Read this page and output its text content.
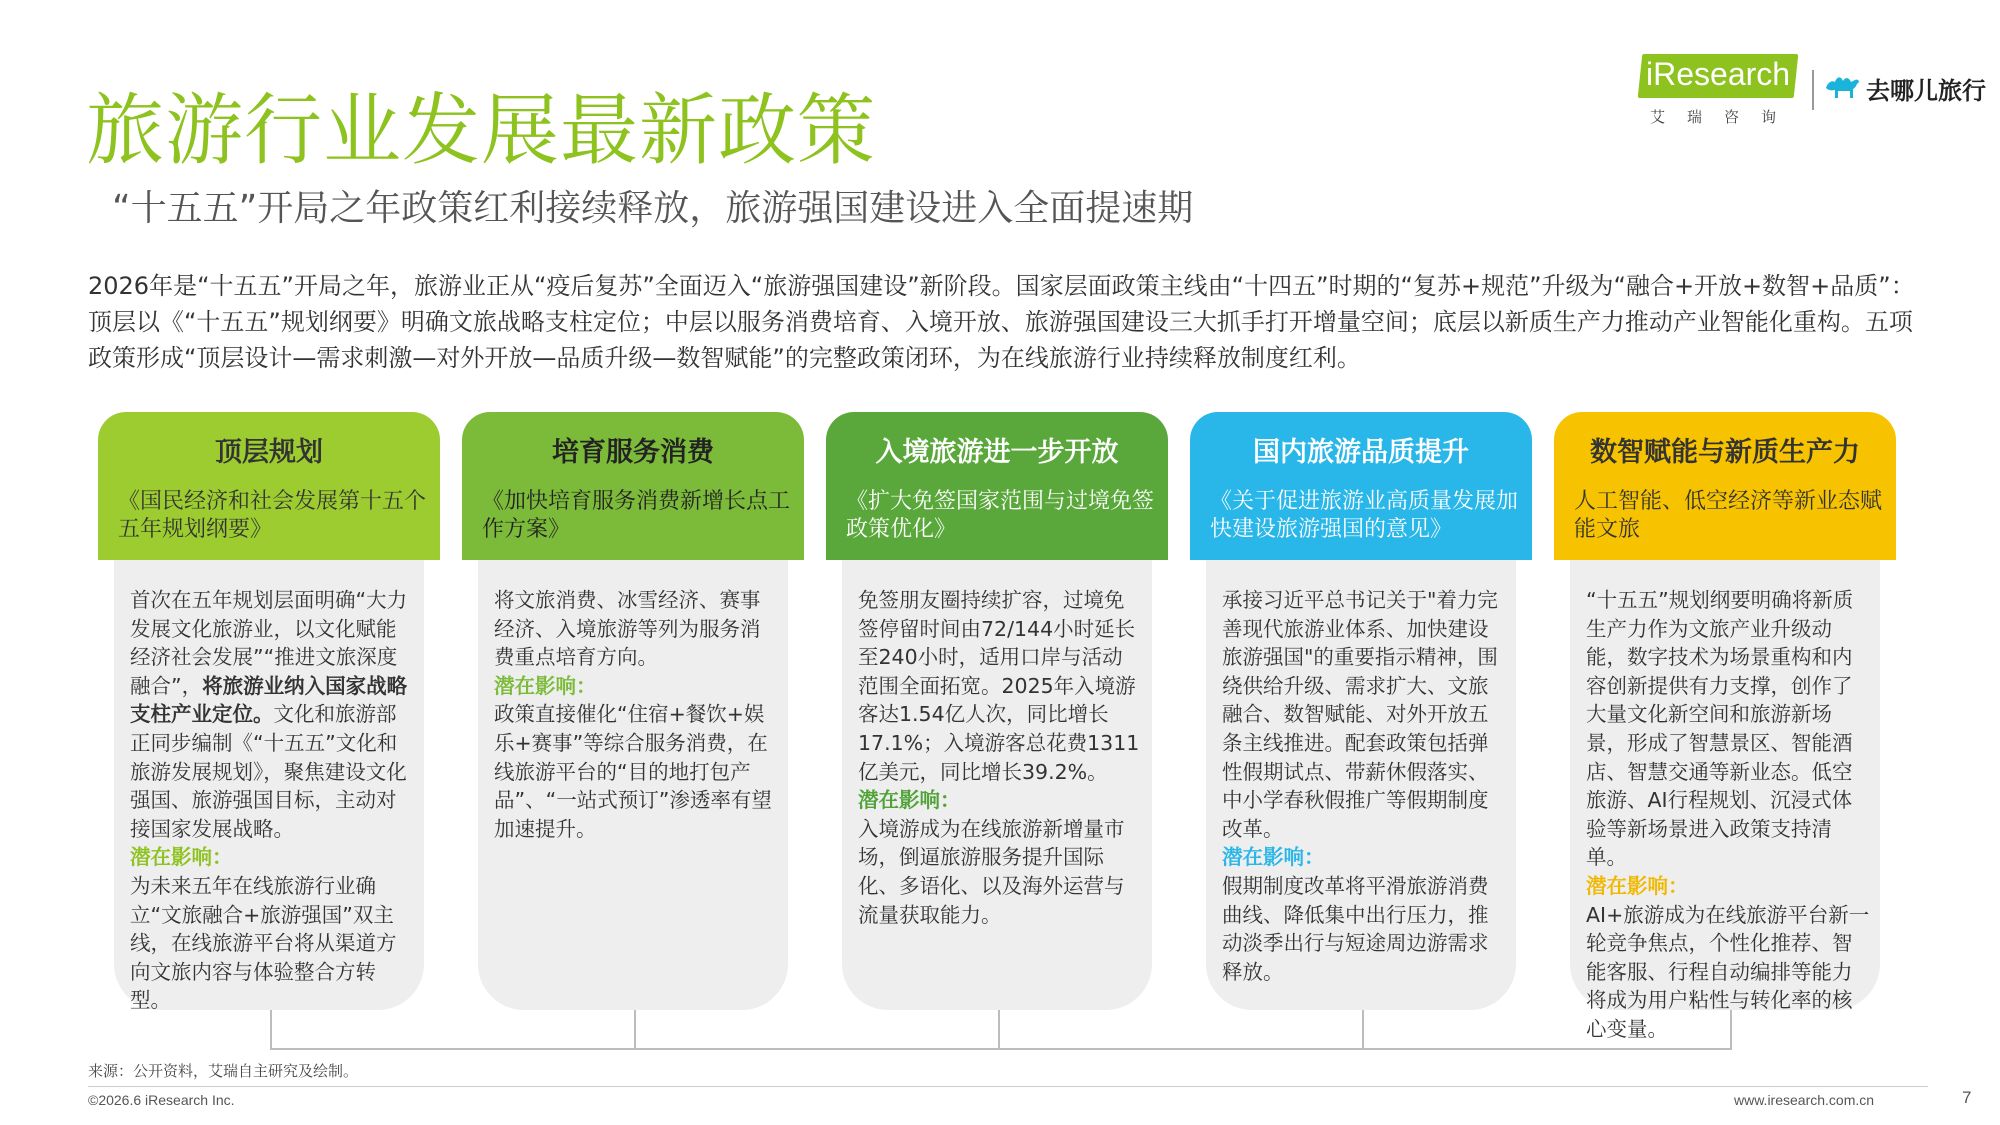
旅游行业发展最新政策
“十五五”开局之年政策红利接续释放，旅游强国建设进入全面提速期
iResearch
艾瑞咨询
去哪儿旅行
2026年是“十五五”开局之年，旅游业正从“疫后复苏”全面迈入“旅游强国建设”新阶段。国家层面政策主线由“十四五”时期的“复苏+规范”升级为“融合+开放+数智+品质”：顶层以《“十五五”规划纲要》明确文旅战略支柱定位；中层以服务消费培育、入境开放、旅游强国建设三大抓手打开增量空间；底层以新质生产力推动产业智能化重构。五项政策形成“顶层设计—需求刺激—对外开放—品质升级—数智赋能”的完整政策闭环，为在线旅游行业持续释放制度红利。
顶层规划
《国民经济和社会发展第十五个五年规划纲要》

首次在五年规划层面明确“大力发展文化旅游业，以文化赋能经济社会发展”“推进文旅深度融合”，将旅游业纳入国家战略支柱产业定位。文化和旅游部正同步编制《“十五五”文化和旅游发展规划》，聚焦建设文化强国、旅游强国目标，主动对接国家发展战略。

潜在影响：

为未来五年在线旅游行业确立“文旅融合+旅游强国”双主线，在线旅游平台将从渠道方向文旅内容与体验整合方转型。

培育服务消费
《加快培育服务消费新增长点工作方案》

将文旅消费、冰雪经济、赛事经济、入境旅游等列为服务消费重点培育方向。

潜在影响：

政策直接催化“住宿+餐饮+娱乐+赛事”等综合服务消费，在线旅游平台的“目的地打包产品”、“一站式预订”渗透率有望加速提升。

入境旅游进一步开放
《扩大免签国家范围与过境免签政策优化》

免签朋友圈持续扩容，过境免签停留时间由72/144小时延长至240小时，适用口岸与活动范围全面拓宽。2025年入境游客达1.54亿人次，同比增长17.1%；入境游客总花费1311亿美元，同比增长39.2%。

潜在影响：

入境游成为在线旅游新增量市场，倒逼旅游服务提升国际化、多语化、以及海外运营与流量获取能力。

国内旅游品质提升
《关于促进旅游业高质量发展加快建设旅游强国的意见》

承接习近平总书记关于"着力完善现代旅游业体系、加快建设旅游强国"的重要指示精神，围绕供给升级、需求扩大、文旅融合、数智赋能、对外开放五条主线推进。配套政策包括弹性假期试点、带薪休假落实、中小学春秋假推广等假期制度改革。

潜在影响：

假期制度改革将平滑旅游消费曲线、降低集中出行压力，推动淡季出行与短途周边游需求释放。

数智赋能与新质生产力
人工智能、低空经济等新业态赋能文旅

“十五五”规划纲要明确将新质生产力作为文旅产业升级动能，数字技术为场景重构和内容创新提供有力支撑，创作了大量文化新空间和旅游新场景，形成了智慧景区、智能酒店、智慧交通等新业态。低空旅游、AI行程规划、沉浸式体验等新场景进入政策支持清单。

潜在影响：

AI+旅游成为在线旅游平台新一轮竞争焦点，个性化推荐、智能客服、行程自动编排等能力将成为用户粘性与转化率的核心变量。

来源：公开资料，艾瑞自主研究及绘制。
©2026.6 iResearch Inc.	www.iresearch.com.cn	7
